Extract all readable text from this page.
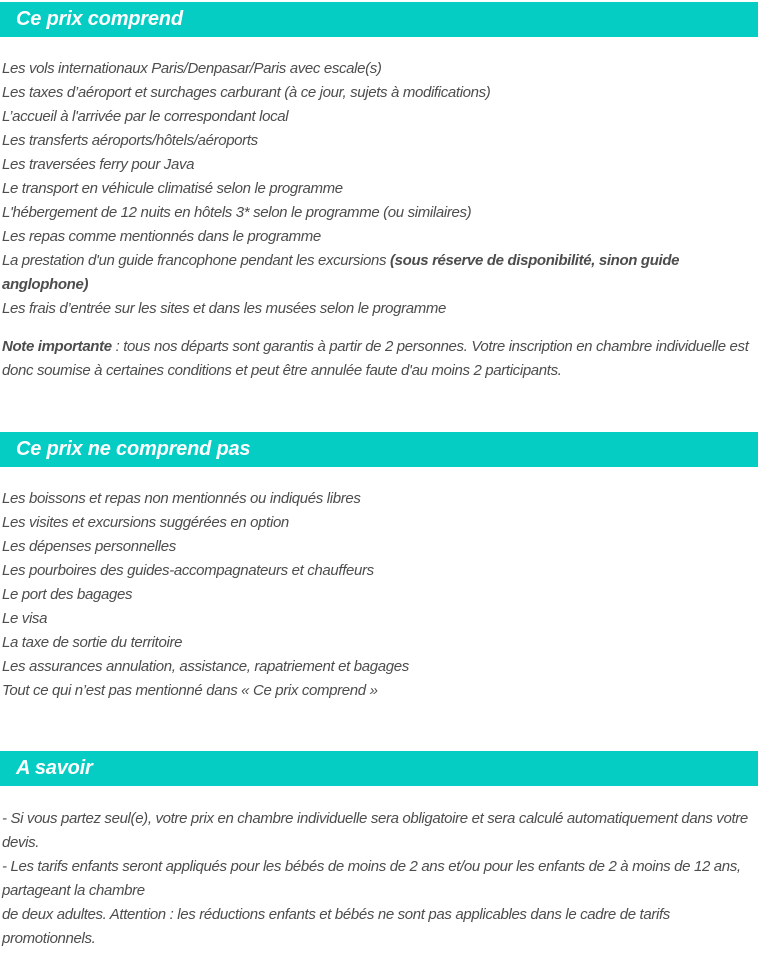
Ce prix comprend
Les vols internationaux Paris/Denpasar/Paris avec escale(s)
Les taxes d’aéroport et surchages carburant (à ce jour, sujets à modifications)
L’accueil à l'arrivée par le correspondant local
Les transferts aéroports/hôtels/aéroports
Les traversées ferry pour Java
Le transport en véhicule climatisé selon le programme
L'hébergement de 12 nuits en hôtels 3* selon le programme (ou similaires)
Les repas comme mentionnés dans le programme
La prestation d'un guide francophone pendant les excursions (sous réserve de disponibilité, sinon guide anglophone)
Les frais d’entrée sur les sites et dans les musées selon le programme
Note importante : tous nos départs sont garantis à partir de 2 personnes. Votre inscription en chambre individuelle est donc soumise à certaines conditions et peut être annulée faute d'au moins 2 participants.
Ce prix ne comprend pas
Les boissons et repas non mentionnés ou indiqués libres
Les visites et excursions suggérées en option
Les dépenses personnelles
Les pourboires des guides-accompagnateurs et chauffeurs
Le port des bagages
Le visa
La taxe de sortie du territoire
Les assurances annulation, assistance, rapatriement et bagages
Tout ce qui n’est pas mentionné dans « Ce prix comprend »
A savoir
- Si vous partez seul(e), votre prix en chambre individuelle sera obligatoire et sera calculé automatiquement dans votre devis.
- Les tarifs enfants seront appliqués pour les bébés de moins de 2 ans et/ou pour les enfants de 2 à moins de 12 ans, partageant la chambre
de deux adultes. Attention : les réductions enfants et bébés ne sont pas applicables dans le cadre de tarifs promotionnels.
